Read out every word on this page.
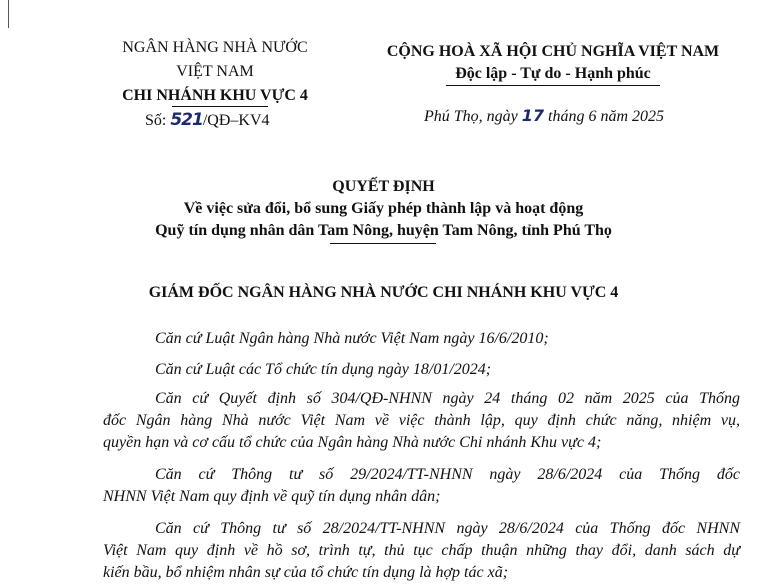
NGÂN HÀNG NHÀ NƯỚC
VIỆT NAM
CHI NHÁNH KHU VỰC 4
Số: 521/QĐ–KV4
CỘNG HOÀ XÃ HỘI CHỦ NGHĨA VIỆT NAM
Độc lập - Tự do - Hạnh phúc
Phú Thọ, ngày 17 tháng 6 năm 2025
QUYẾT ĐỊNH
Về việc sửa đổi, bổ sung Giấy phép thành lập và hoạt động
Quỹ tín dụng nhân dân Tam Nông, huyện Tam Nông, tỉnh Phú Thọ
GIÁM ĐỐC NGÂN HÀNG NHÀ NƯỚC CHI NHÁNH KHU VỰC 4
Căn cứ Luật Ngân hàng Nhà nước Việt Nam ngày 16/6/2010;
Căn cứ Luật các Tổ chức tín dụng ngày 18/01/2024;
Căn cứ Quyết định số 304/QĐ-NHNN ngày 24 tháng 02 năm 2025 của Thống
đốc Ngân hàng Nhà nước Việt Nam về việc thành lập, quy định chức năng, nhiệm vụ,
quyền hạn và cơ cấu tổ chức của Ngân hàng Nhà nước Chi nhánh Khu vực 4;
Căn cứ Thông tư số 29/2024/TT-NHNN ngày 28/6/2024 của Thống đốc
NHNN Việt Nam quy định về quỹ tín dụng nhân dân;
Căn cứ Thông tư số 28/2024/TT-NHNN ngày 28/6/2024 của Thống đốc NHNN
Việt Nam quy định về hồ sơ, trình tự, thủ tục chấp thuận những thay đổi, danh sách dự
kiến bầu, bổ nhiệm nhân sự của tổ chức tín dụng là hợp tác xã;
